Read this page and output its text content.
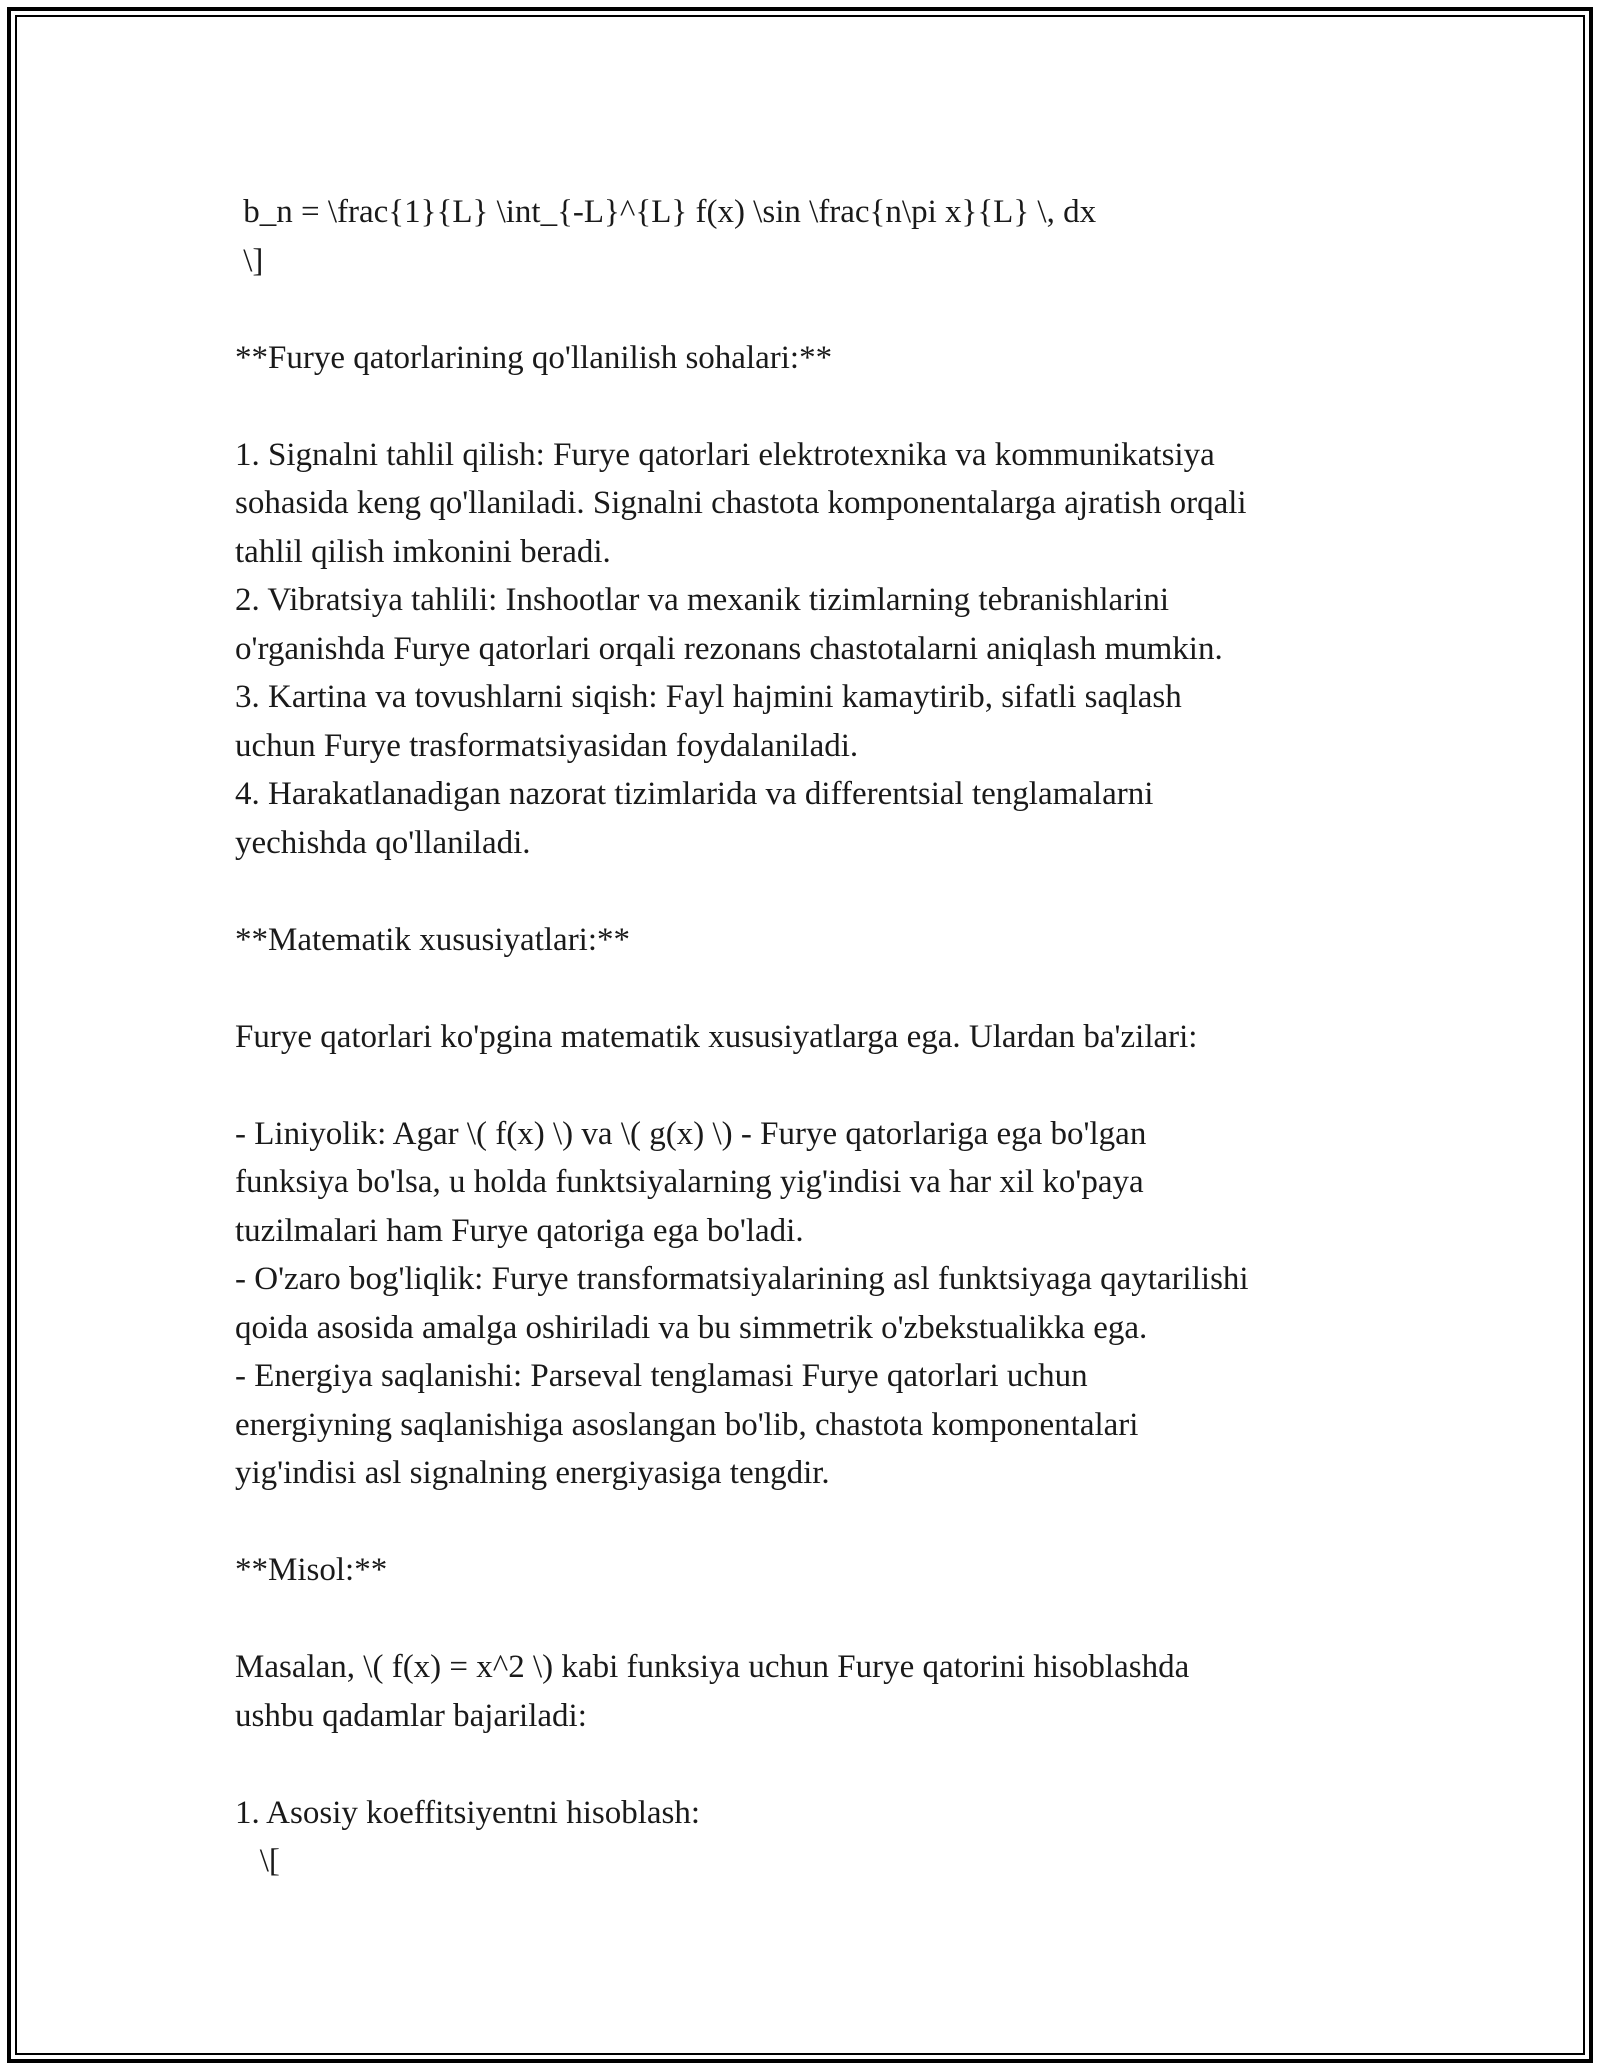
b_n = \frac{1}{L} \int_{-L}^{L} f(x) \sin \frac{n\pi x}{L} \, dx
\]
**Furye qatorlarining qo'llanilish sohalari:**
1. Signalni tahlil qilish: Furye qatorlari elektrotexnika va kommunikatsiya
sohasida keng qo'llaniladi. Signalni chastota komponentalarga ajratish orqali
tahlil qilish imkonini beradi.
2. Vibratsiya tahlili: Inshootlar va mexanik tizimlarning tebranishlarini
o'rganishda Furye qatorlari orqali rezonans chastotalarni aniqlash mumkin.
3. Kartina va tovushlarni siqish: Fayl hajmini kamaytirib, sifatli saqlash
uchun Furye trasformatsiyasidan foydalaniladi.
4. Harakatlanadigan nazorat tizimlarida va differentsial tenglamalarni
yechishda qo'llaniladi.
**Matematik xususiyatlari:**
Furye qatorlari ko'pgina matematik xususiyatlarga ega. Ulardan ba'zilari:
- Liniyolik: Agar \( f(x) \) va \( g(x) \) - Furye qatorlariga ega bo'lgan
funksiya bo'lsa, u holda funktsiyalarning yig'indisi va har xil ko'paya
tuzilmalari ham Furye qatoriga ega bo'ladi.
- O'zaro bog'liqlik: Furye transformatsiyalarining asl funktsiyaga qaytarilishi
qoida asosida amalga oshiriladi va bu simmetrik o'zbekstualikka ega.
- Energiya saqlanishi: Parseval tenglamasi Furye qatorlari uchun
energiyning saqlanishiga asoslangan bo'lib, chastota komponentalari
yig'indisi asl signalning energiyasiga tengdir.
**Misol:**
Masalan, \( f(x) = x^2 \) kabi funksiya uchun Furye qatorini hisoblashda
ushbu qadamlar bajariladi:
1. Asosiy koeffitsiyentni hisoblash:
\[
